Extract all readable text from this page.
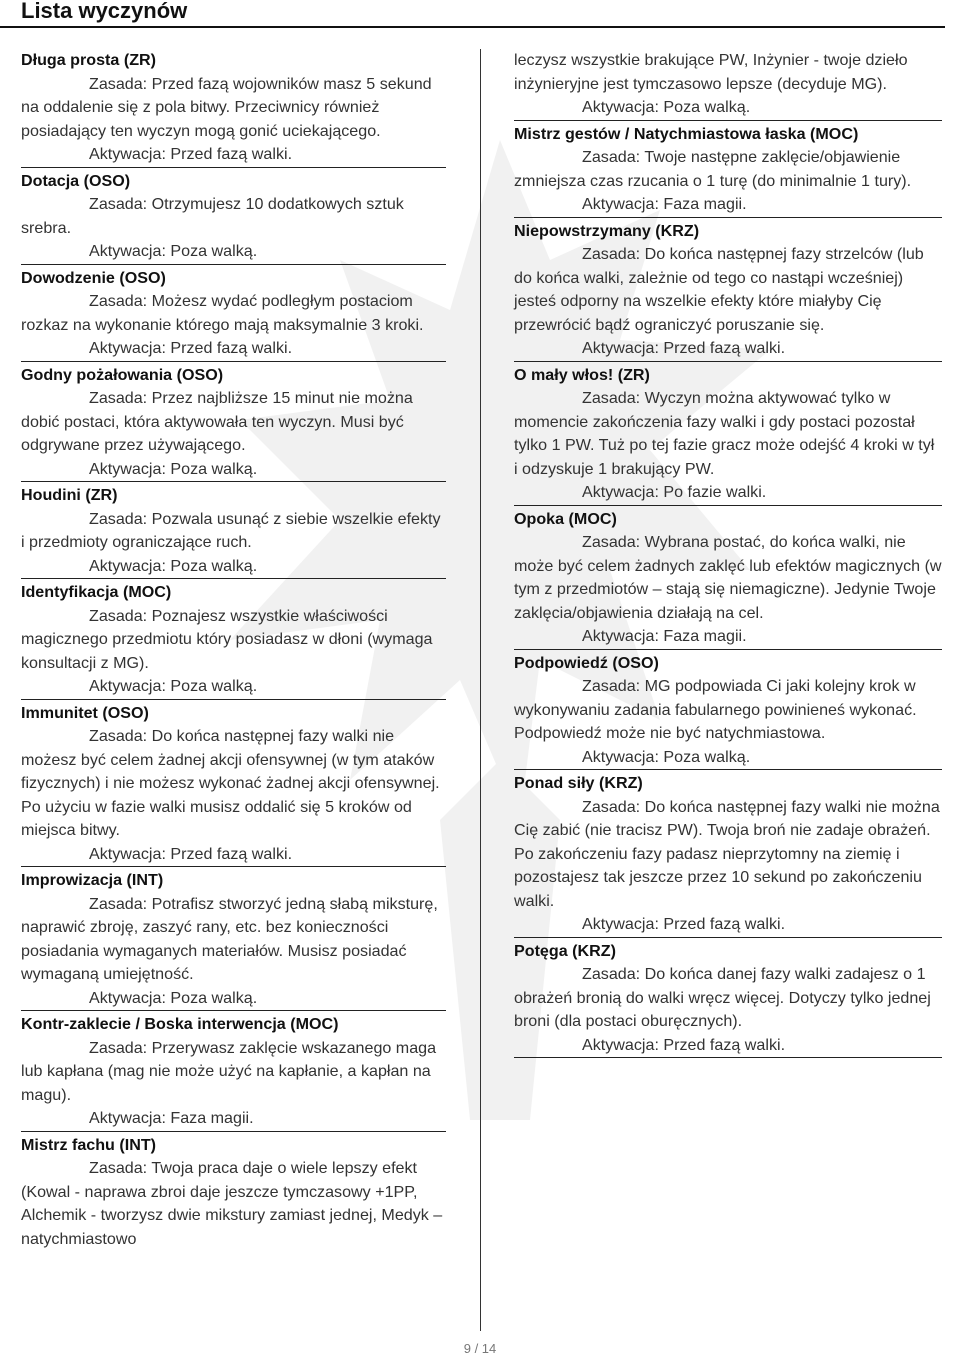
Lista wyczynów
Długa prosta (ZR)
Zasada: Przed fazą wojowników masz 5 sekund na oddalenie się z pola bitwy. Przeciwnicy również posiadający ten wyczyn mogą gonić uciekającego.
Aktywacja: Przed fazą walki.
Dotacja (OSO)
Zasada: Otrzymujesz 10 dodatkowych sztuk srebra.
Aktywacja: Poza walką.
Dowodzenie (OSO)
Zasada: Możesz wydać podległym postaciom rozkaz na wykonanie którego mają maksymalnie 3 kroki.
Aktywacja: Przed fazą walki.
Godny pożałowania (OSO)
Zasada: Przez najbliższe 15 minut nie można dobić postaci, która aktywowała ten wyczyn. Musi być odgrywane przez używającego.
Aktywacja: Poza walką.
Houdini (ZR)
Zasada: Pozwala usunąć z siebie wszelkie efekty i przedmioty ograniczające ruch.
Aktywacja: Poza walką.
Identyfikacja (MOC)
Zasada: Poznajesz wszystkie właściwości magicznego przedmiotu który posiadasz w dłoni (wymaga konsultacji z MG).
Aktywacja: Poza walką.
Immunitet (OSO)
Zasada: Do końca następnej fazy walki nie możesz być celem żadnej akcji ofensywnej (w tym ataków fizycznych) i nie możesz wykonać żadnej akcji ofensywnej. Po użyciu w fazie walki musisz oddalić się 5 kroków od miejsca bitwy.
Aktywacja: Przed fazą walki.
Improwizacja (INT)
Zasada: Potrafisz stworzyć jedną słabą miksturę, naprawić zbroję, zaszyć rany, etc. bez konieczności posiadania wymaganych materiałów. Musisz posiadać wymaganą umiejętność.
Aktywacja: Poza walką.
Kontr-zaklecie / Boska interwencja (MOC)
Zasada: Przerywasz zaklęcie wskazanego maga lub kapłana (mag nie może użyć na kapłanie, a kapłan na magu).
Aktywacja: Faza magii.
Mistrz fachu (INT)
Zasada: Twoja praca daje o wiele lepszy efekt (Kowal - naprawa zbroi daje jeszcze tymczasowy +1PP, Alchemik - tworzysz dwie mikstury zamiast jednej, Medyk – natychmiastowo
leczysz wszystkie brakujące PW, Inżynier - twoje dzieło inżynieryjne jest tymczasowo lepsze (decyduje MG).
Aktywacja: Poza walką.
Mistrz gestów / Natychmiastowa łaska (MOC)
Zasada: Twoje następne zaklęcie/objawienie zmniejsza czas rzucania o 1 turę (do minimalnie 1 tury).
Aktywacja: Faza magii.
Niepowstrzymany (KRZ)
Zasada: Do końca następnej fazy strzelców (lub do końca walki, zależnie od tego co nastąpi wcześniej) jesteś odporny na wszelkie efekty które miałyby Cię przewrócić bądź ograniczyć poruszanie się.
Aktywacja: Przed fazą walki.
O mały włos! (ZR)
Zasada: Wyczyn można aktywować tylko w momencie zakończenia fazy walki i gdy postaci pozostał tylko 1 PW. Tuż po tej fazie gracz może odejść 4 kroki w tył i odzyskuje 1 brakujący PW.
Aktywacja: Po fazie walki.
Opoka (MOC)
Zasada: Wybrana postać, do końca walki, nie może być celem żadnych zaklęć lub efektów magicznych (w tym z przedmiotów – stają się niemagiczne). Jedynie Twoje zaklęcia/objawienia działają na cel.
Aktywacja: Faza magii.
Podpowiedź (OSO)
Zasada: MG podpowiada Ci jaki kolejny krok w wykonywaniu zadania fabularnego powinieneś wykonać. Podpowiedź może nie być natychmiastowa.
Aktywacja: Poza walką.
Ponad siły (KRZ)
Zasada: Do końca następnej fazy walki nie można Cię zabić (nie tracisz PW). Twoja broń nie zadaje obrażeń. Po zakończeniu fazy padasz nieprzytomny na ziemię i pozostajesz tak jeszcze przez 10 sekund po zakończeniu walki.
Aktywacja: Przed fazą walki.
Potęga (KRZ)
Zasada: Do końca danej fazy walki zadajesz o 1 obrażeń bronią do walki wręcz więcej. Dotyczy tylko jednej broni (dla postaci oburęcznych).
Aktywacja: Przed fazą walki.
9 / 14
